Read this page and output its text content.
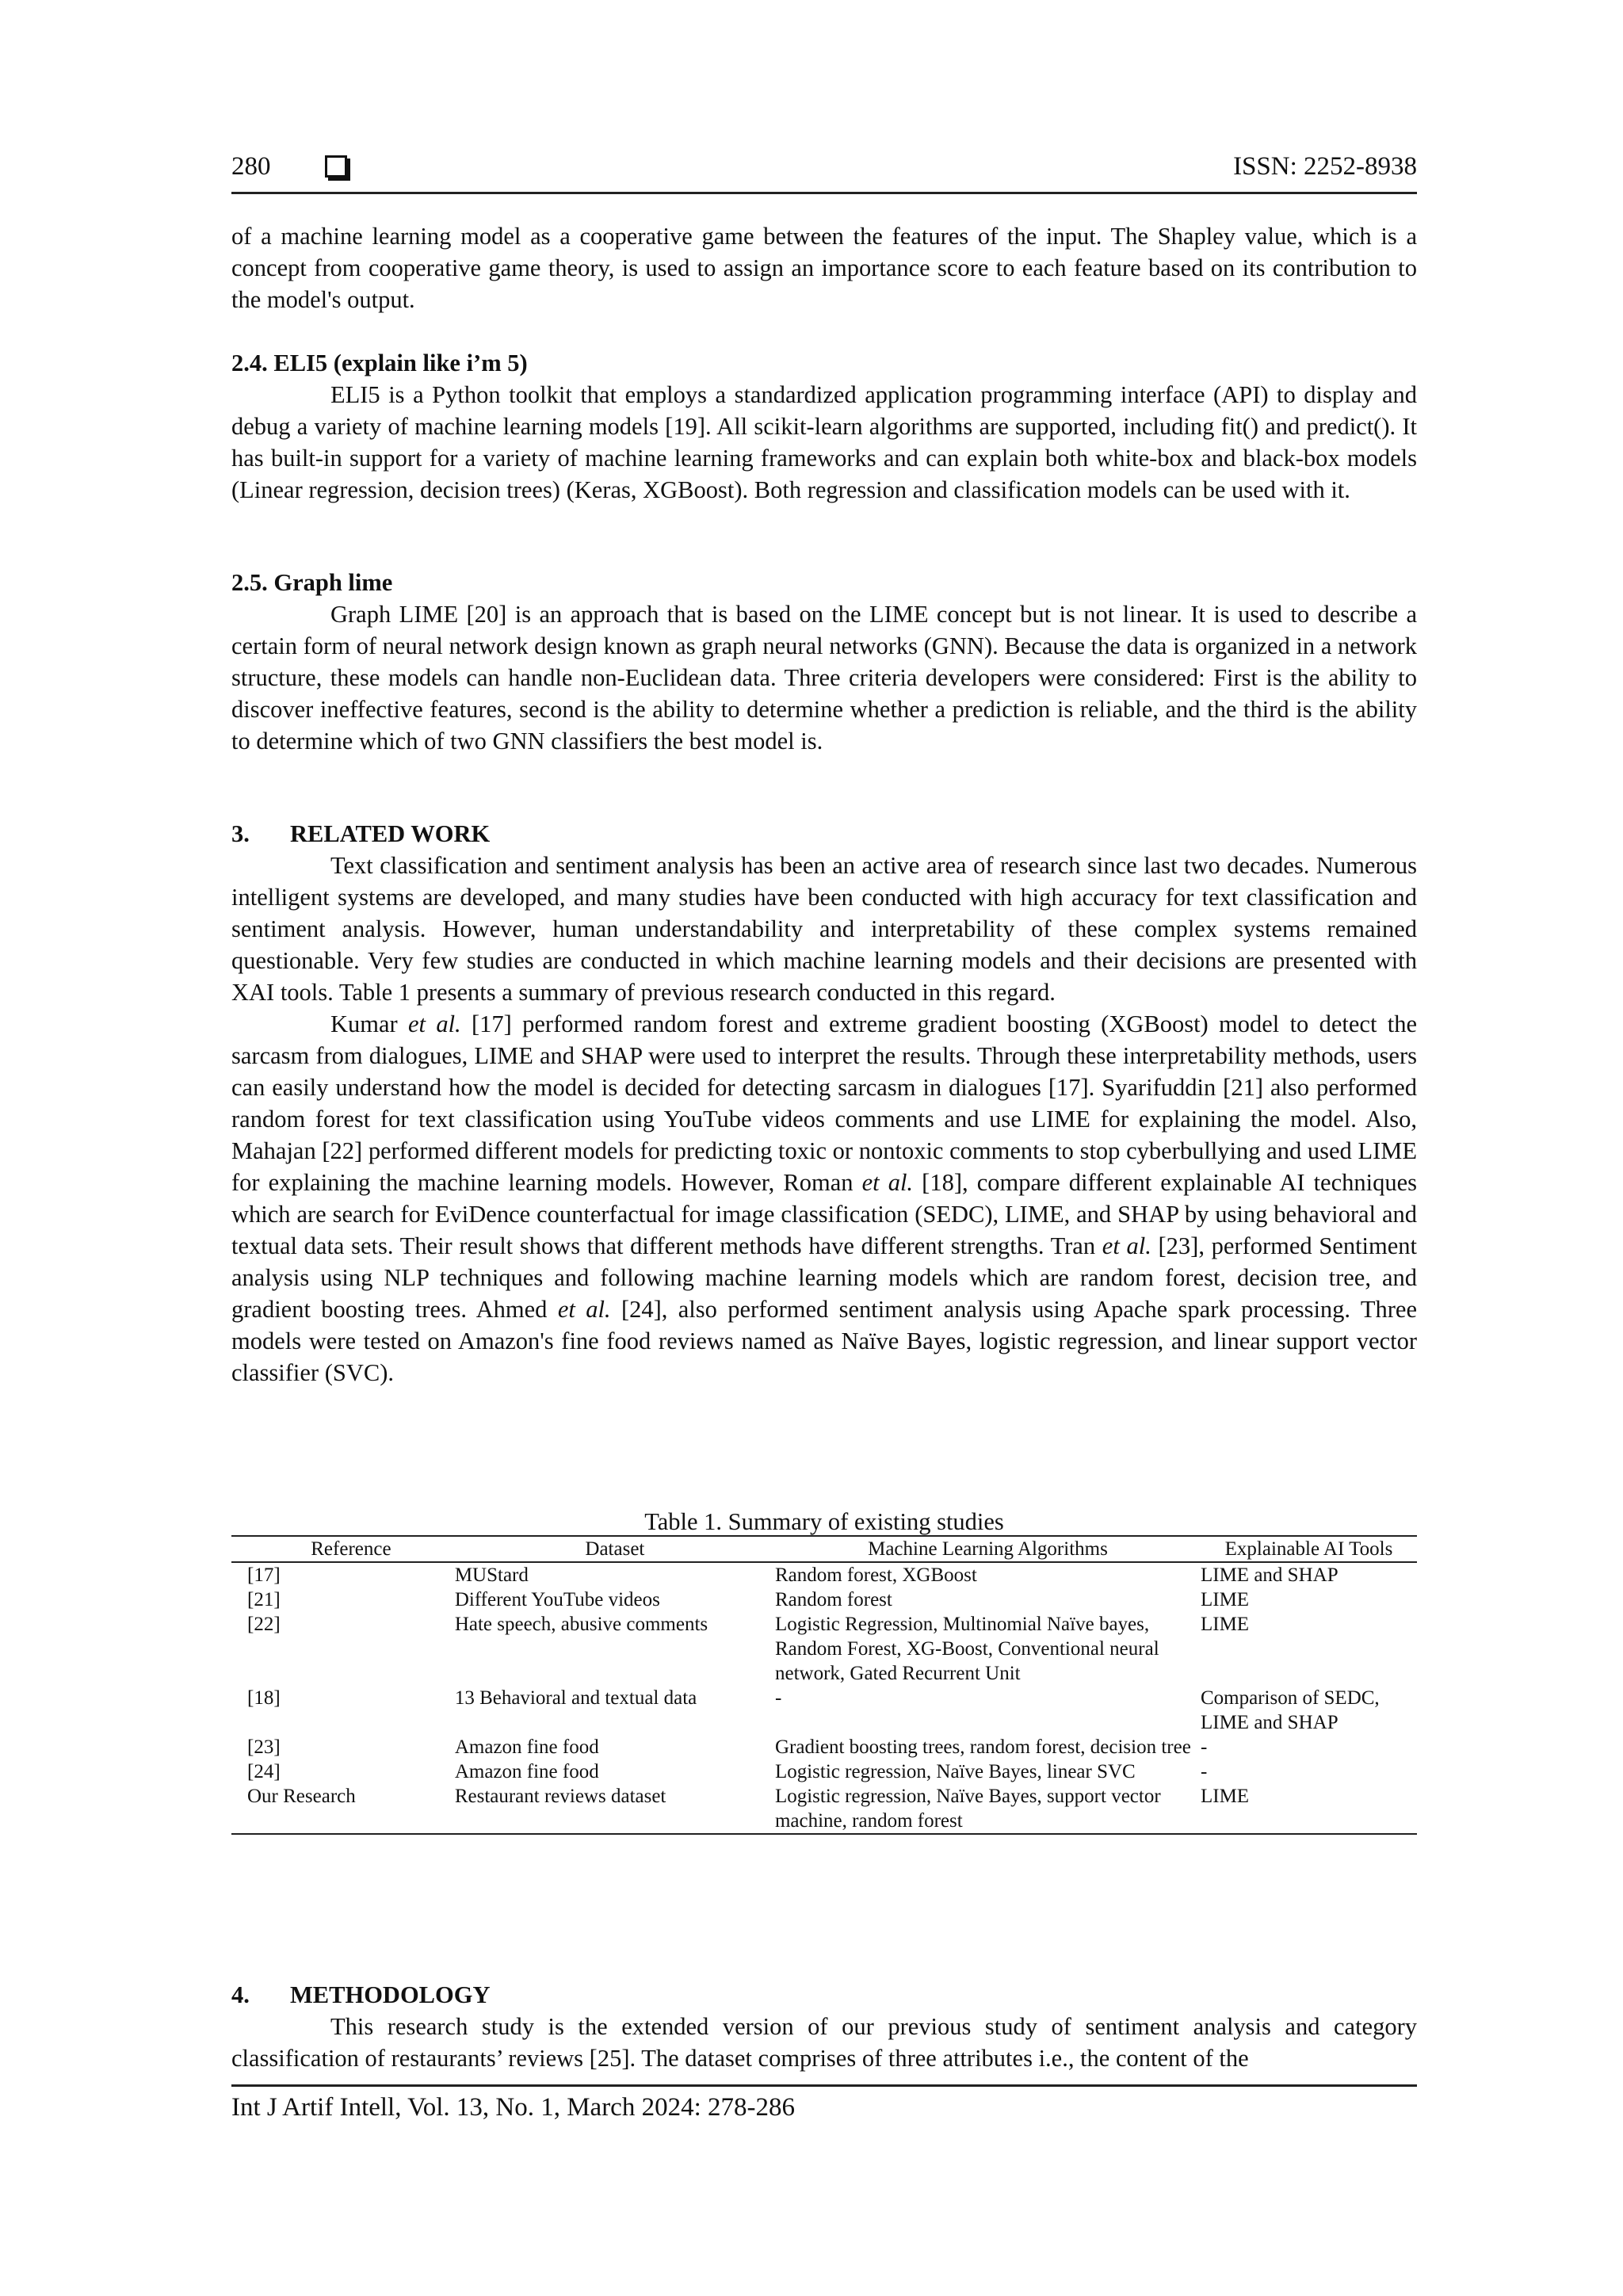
280	ISSN: 2252-8938

of a machine learning model as a cooperative game between the features of the input. The Shapley value, which is a concept from cooperative game theory, is used to assign an importance score to each feature based on its contribution to the model's output.

2.4. ELI5 (explain like i’m 5)

ELI5 is a Python toolkit that employs a standardized application programming interface (API) to display and debug a variety of machine learning models [19]. All scikit-learn algorithms are supported, including fit() and predict(). It has built-in support for a variety of machine learning frameworks and can explain both white-box and black-box models (Linear regression, decision trees) (Keras, XGBoost). Both regression and classification models can be used with it.

2.5. Graph lime

Graph LIME [20] is an approach that is based on the LIME concept but is not linear. It is used to describe a certain form of neural network design known as graph neural networks (GNN). Because the data is organized in a network structure, these models can handle non-Euclidean data. Three criteria developers were considered: First is the ability to discover ineffective features, second is the ability to determine whether a prediction is reliable, and the third is the ability to determine which of two GNN classifiers the best model is.

3. RELATED WORK

Text classification and sentiment analysis has been an active area of research since last two decades. Numerous intelligent systems are developed, and many studies have been conducted with high accuracy for text classification and sentiment analysis. However, human understandability and interpretability of these complex systems remained questionable. Very few studies are conducted in which machine learning models and their decisions are presented with XAI tools. Table 1 presents a summary of previous research conducted in this regard.

Kumar et al. [17] performed random forest and extreme gradient boosting (XGBoost) model to detect the sarcasm from dialogues, LIME and SHAP were used to interpret the results. Through these interpretability methods, users can easily understand how the model is decided for detecting sarcasm in dialogues [17]. Syarifuddin [21] also performed random forest for text classification using YouTube videos comments and use LIME for explaining the model. Also, Mahajan [22] performed different models for predicting toxic or nontoxic comments to stop cyberbullying and used LIME for explaining the machine learning models. However, Roman et al. [18], compare different explainable AI techniques which are search for EviDence counterfactual for image classification (SEDC), LIME, and SHAP by using behavioral and textual data sets. Their result shows that different methods have different strengths. Tran et al. [23], performed Sentiment analysis using NLP techniques and following machine learning models which are random forest, decision tree, and gradient boosting trees. Ahmed et al. [24], also performed sentiment analysis using Apache spark processing. Three models were tested on Amazon's fine food reviews named as Naïve Bayes, logistic regression, and linear support vector classifier (SVC).

Table 1. Summary of existing studies
Reference	Dataset	Machine Learning Algorithms	Explainable AI Tools
[17]	MUStard	Random forest, XGBoost	LIME and SHAP
[21]	Different YouTube videos	Random forest	LIME
[22]	Hate speech, abusive comments	Logistic Regression, Multinomial Naïve bayes, Random Forest, XG-Boost, Conventional neural network, Gated Recurrent Unit	LIME
[18]	13 Behavioral and textual data	-	Comparison of SEDC, LIME and SHAP
[23]	Amazon fine food	Gradient boosting trees, random forest, decision tree	-
[24]	Amazon fine food	Logistic regression, Naïve Bayes, linear SVC	-
Our Research	Restaurant reviews dataset	Logistic regression, Naïve Bayes, support vector machine, random forest	LIME

4. METHODOLOGY

This research study is the extended version of our previous study of sentiment analysis and category classification of restaurants’ reviews [25]. The dataset comprises of three attributes i.e., the content of the

Int J Artif Intell, Vol. 13, No. 1, March 2024: 278-286
